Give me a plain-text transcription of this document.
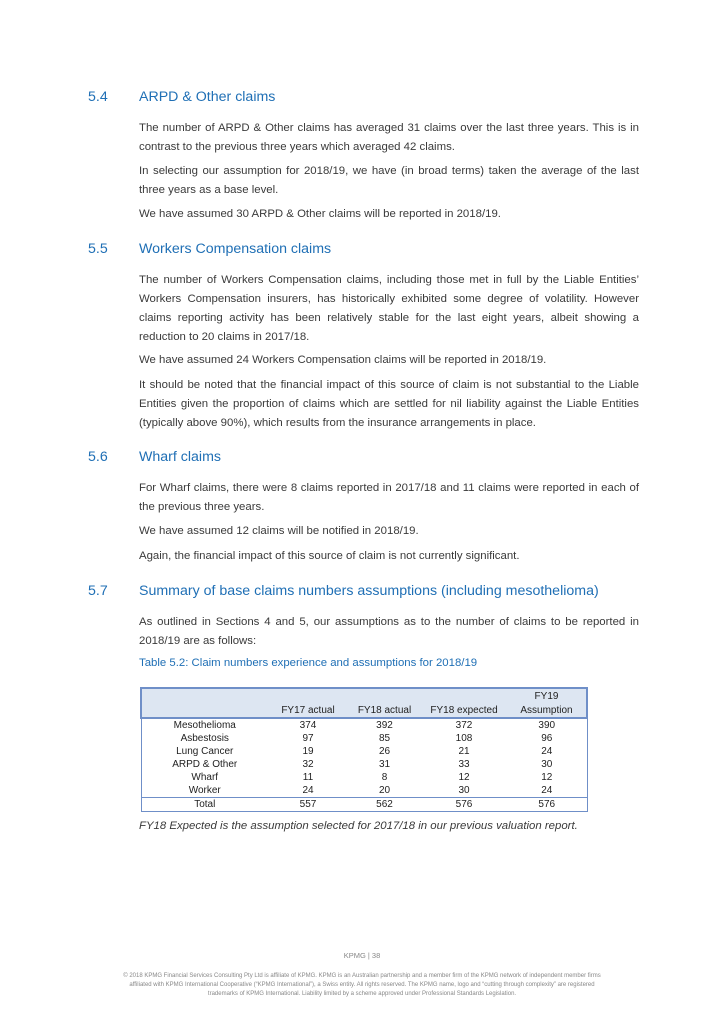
5.4 ARPD & Other claims
The number of ARPD & Other claims has averaged 31 claims over the last three years. This is in contrast to the previous three years which averaged 42 claims.
In selecting our assumption for 2018/19, we have (in broad terms) taken the average of the last three years as a base level.
We have assumed 30 ARPD & Other claims will be reported in 2018/19.
5.5 Workers Compensation claims
The number of Workers Compensation claims, including those met in full by the Liable Entities’ Workers Compensation insurers, has historically exhibited some degree of volatility. However claims reporting activity has been relatively stable for the last eight years, albeit showing a reduction to 20 claims in 2017/18.
We have assumed 24 Workers Compensation claims will be reported in 2018/19.
It should be noted that the financial impact of this source of claim is not substantial to the Liable Entities given the proportion of claims which are settled for nil liability against the Liable Entities (typically above 90%), which results from the insurance arrangements in place.
5.6 Wharf claims
For Wharf claims, there were 8 claims reported in 2017/18 and 11 claims were reported in each of the previous three years.
We have assumed 12 claims will be notified in 2018/19.
Again, the financial impact of this source of claim is not currently significant.
5.7 Summary of base claims numbers assumptions (including mesothelioma)
As outlined in Sections 4 and 5, our assumptions as to the number of claims to be reported in 2018/19 are as follows:
Table 5.2: Claim numbers experience and assumptions for 2018/19
				FY19
	FY17 actual	FY18 actual	FY18 expected	Assumption
Mesothelioma	374	392	372	390
Asbestosis	97	85	108	96
Lung Cancer	19	26	21	24
ARPD & Other	32	31	33	30
Wharf	11	8	12	12
Worker	24	20	30	24
Total	557	562	576	576
FY18 Expected is the assumption selected for 2017/18 in our previous valuation report.
KPMG | 38
© 2018 KPMG Financial Services Consulting Pty Ltd is affiliate of KPMG. KPMG is an Australian partnership and a member firm of the KPMG network of independent member firms
affiliated with KPMG International Cooperative (“KPMG International”), a Swiss entity. All rights reserved. The KPMG name, logo and “cutting through complexity” are registered
trademarks of KPMG International. Liability limited by a scheme approved under Professional Standards Legislation.
